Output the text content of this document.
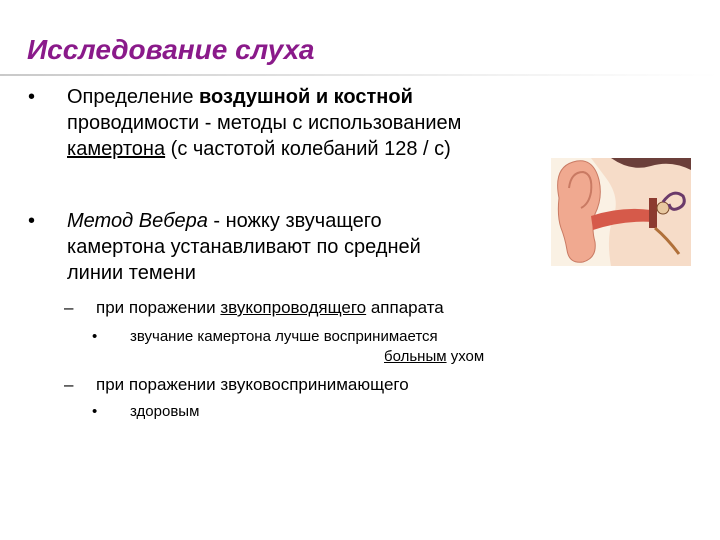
Исследование слуха
• Определение воздушной и костной
проводимости - методы с использованием
камертона (с частотой колебаний 128 / с)
• Метод Вебера - ножку звучащего
камертона устанавливают по средней
линии темени
– при поражении звукопроводящего аппарата
• звучание камертона лучше воспринимается
больным ухом
– при поражении звуковоспринимающего
• здоровым
